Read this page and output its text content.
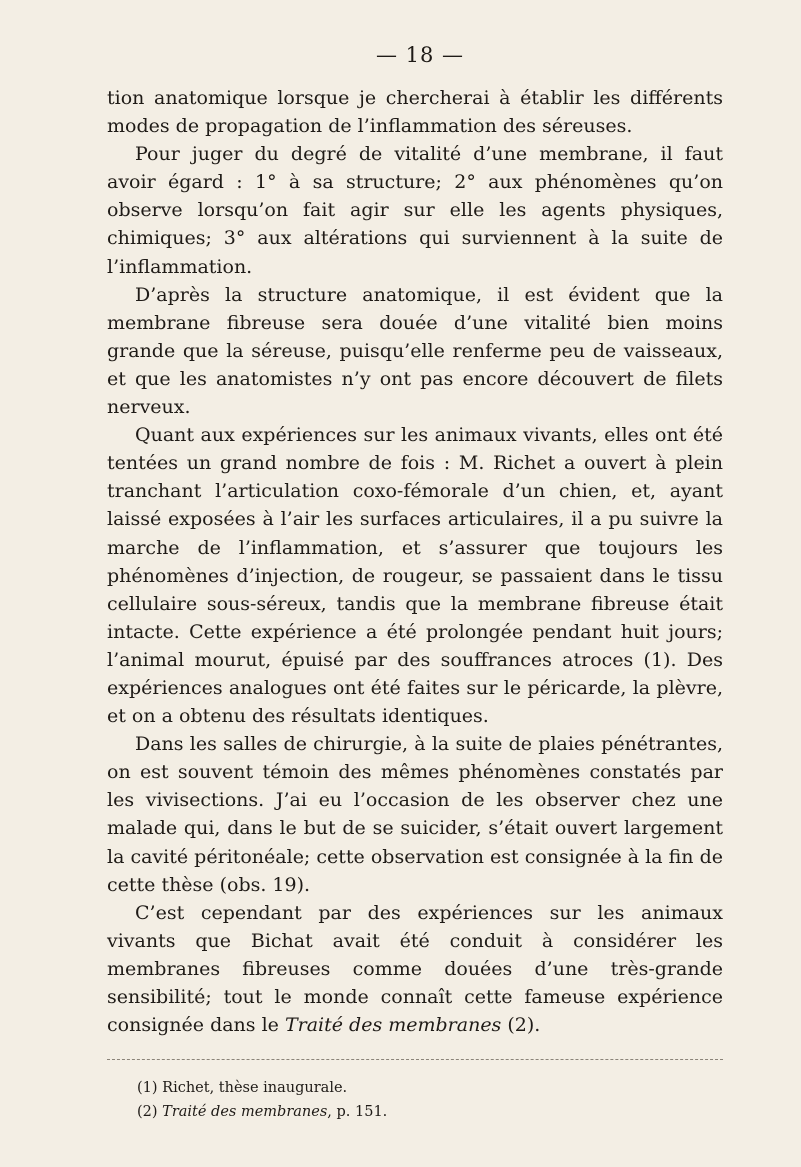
— 18 —

tion anatomique lorsque je chercherai à établir les différents modes de propagation de l’inflammation des séreuses.

Pour juger du degré de vitalité d’une membrane, il faut avoir égard : 1° à sa structure; 2° aux phénomènes qu’on observe lorsqu’on fait agir sur elle les agents physiques, chimiques; 3° aux altérations qui surviennent à la suite de l’inflammation.

D’après la structure anatomique, il est évident que la membrane fibreuse sera douée d’une vitalité bien moins grande que la séreuse, puisqu’elle renferme peu de vaisseaux, et que les anatomistes n’y ont pas encore découvert de filets nerveux.

Quant aux expériences sur les animaux vivants, elles ont été tentées un grand nombre de fois : M. Richet a ouvert à plein tranchant l’articulation coxo-fémorale d’un chien, et, ayant laissé exposées à l’air les surfaces articulaires, il a pu suivre la marche de l’inflammation, et s’assurer que toujours les phénomènes d’injection, de rougeur, se passaient dans le tissu cellulaire sous-séreux, tandis que la membrane fibreuse était intacte. Cette expérience a été prolongée pendant huit jours; l’animal mourut, épuisé par des souffrances atroces (1). Des expériences analogues ont été faites sur le péricarde, la plèvre, et on a obtenu des résultats identiques.

Dans les salles de chirurgie, à la suite de plaies pénétrantes, on est souvent témoin des mêmes phénomènes constatés par les vivisections. J’ai eu l’occasion de les observer chez une malade qui, dans le but de se suicider, s’était ouvert largement la cavité péritonéale; cette observation est consignée à la fin de cette thèse (obs. 19).

C’est cependant par des expériences sur les animaux vivants que Bichat avait été conduit à considérer les membranes fibreuses comme douées d’une très-grande sensibilité; tout le monde connaît cette fameuse expérience consignée dans le Traité des membranes (2).

(1) Richet, thèse inaugurale.
(2) Traité des membranes, p. 151.
